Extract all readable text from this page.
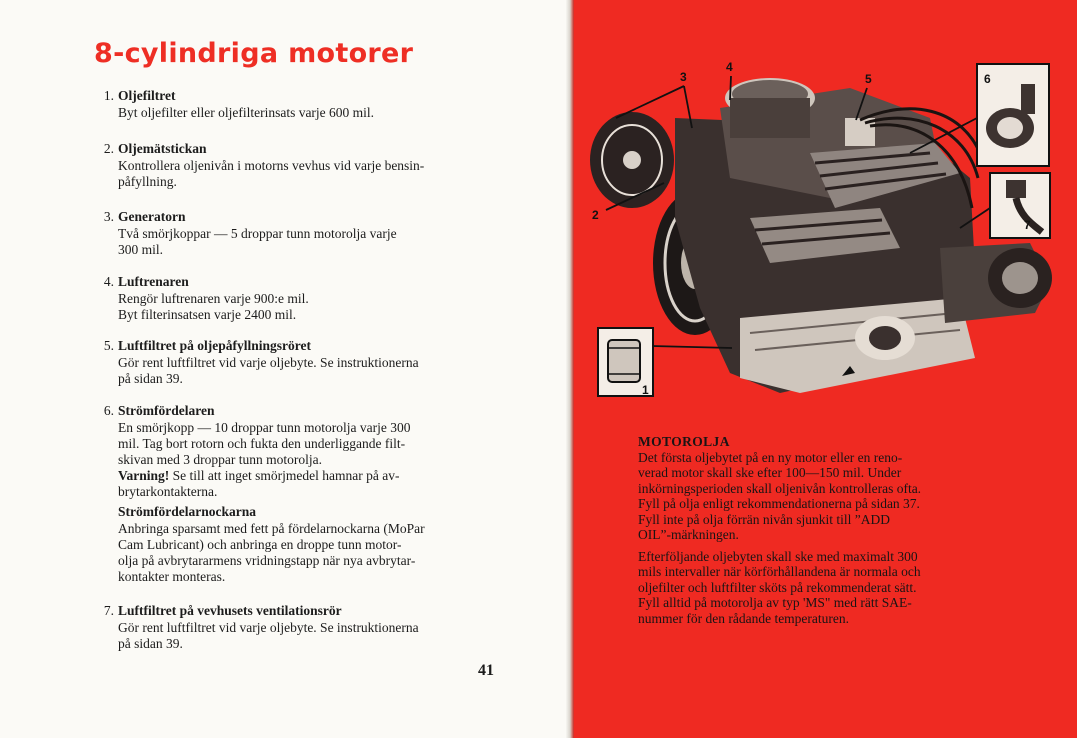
8-cylindriga motorer
1. Oljefiltret
Byt oljefilter eller oljefilterinsats varje 600 mil.
2. Oljemätstickan
Kontrollera oljenivån i motorns vevhus vid varje bensin-
påfyllning.
3. Generatorn
Två smörjkoppar — 5 droppar tunn motorolja varje
300 mil.
4. Luftrenaren
Rengör luftrenaren varje 900:e mil.
Byt filterinsatsen varje 2400 mil.
5. Luftfiltret på oljepåfyllningsröret
Gör rent luftfiltret vid varje oljebyte. Se instruktionerna
på sidan 39.
6. Strömfördelaren
En smörjkopp — 10 droppar tunn motorolja varje 300
mil. Tag bort rotorn och fukta den underliggande filt-
skivan med 3 droppar tunn motorolja.
Varning! Se till att inget smörjmedel hamnar på av-
brytarkontakterna.
Strömfördelarnockarna
Anbringa sparsamt med fett på fördelarnockarna (MoPar
Cam Lubricant) och anbringa en droppe tunn motor-
olja på avbrytararmens vridningstapp när nya avbrytar-
kontakter monteras.
7. Luftfiltret på vevhusets ventilationsrör
Gör rent luftfiltret vid varje oljebyte. Se instruktionerna
på sidan 39.
41
1
2
3
4
5	6
7
MOTOROLJA
Det första oljebytet på en ny motor eller en reno-
verad motor skall ske efter 100—150 mil. Under
inkörningsperioden skall oljenivån kontrolleras ofta.
Fyll på olja enligt rekommendationerna på sidan 37.
Fyll inte på olja förrän nivån sjunkit till ”ADD
OIL”-märkningen.
Efterföljande oljebyten skall ske med maximalt 300
mils intervaller när körförhållandena är normala och
oljefilter och luftfilter sköts på rekommenderat sätt.
Fyll alltid på motorolja av typ 'MS" med rätt SAE-
nummer för den rådande temperaturen.
